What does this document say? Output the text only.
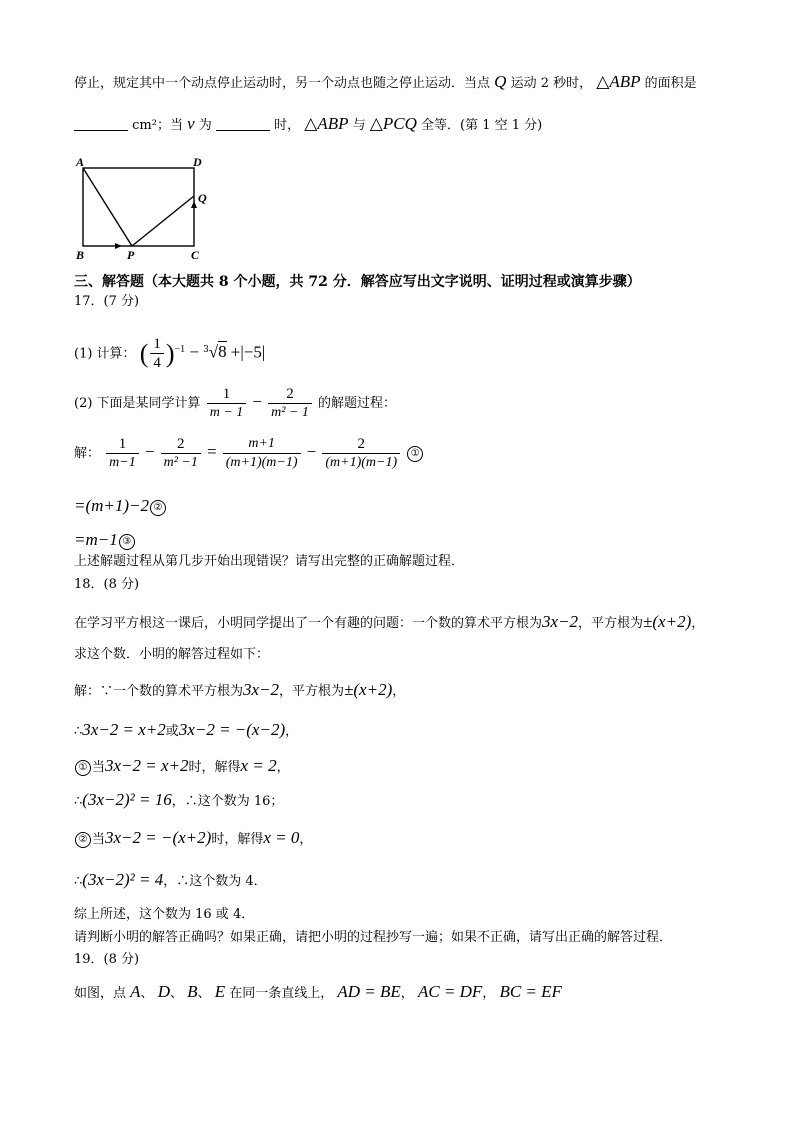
停止，规定其中一个动点停止运动时，另一个动点也随之停止运动．当点 Q 运动 2 秒时， △ABP 的面积是
cm²；当 v 为	时， △ABP 与 △PCQ 全等．(第 1 空 1 分)
A	D
Q
B	P	C
三、解答题（本大题共 8 个小题，共 72 分．解答应写出文字说明、证明过程或演算步骤）
17．(7 分)
(1) 计算： ( $\frac{1}{4} )^{-1} - ^3√8 +|-5|$
(2) 下面是某同学计算 $\frac{1}{m - 1} - \frac{2}{\text{m² − 1}}$ 的解题过程：
解： $\frac{1}{m-1} - \frac{2}{\text{m² −1}} = \frac{m+1}{(m+1)(m-1)} - \frac{2}{(m+1)(m-1)}$ ①
=(m+1)−2 ②
=m−1 ③
上述解题过程从第几步开始出现错误？请写出完整的正确解题过程．
18．(8 分)
在学习平方根这一课后，小明同学提出了一个有趣的问题：一个数的算术平方根为3x−2，平方根为±(x+2)，
求这个数．小明的解答过程如下：
解：∵一个数的算术平方根为3x−2，平方根为±(x+2)，
∴3x−2 = x+2或3x−2 = −(x−2)，
① 当3x−2 = x+2时，解得x = 2，
∴(3x−2)² = 16，∴这个数为 16；
② 当3x−2 = −(x+2)时，解得x = 0，
∴(3x−2)² = 4，∴这个数为 4．
综上所述，这个数为 16 或 4．
请判断小明的解答正确吗？如果正确，请把小明的过程抄写一遍；如果不正确，请写出正确的解答过程．
19．(8 分)
如图，点 A、 D、 B、 E 在同一条直线上， AD = BE， AC = DF， BC = EF
